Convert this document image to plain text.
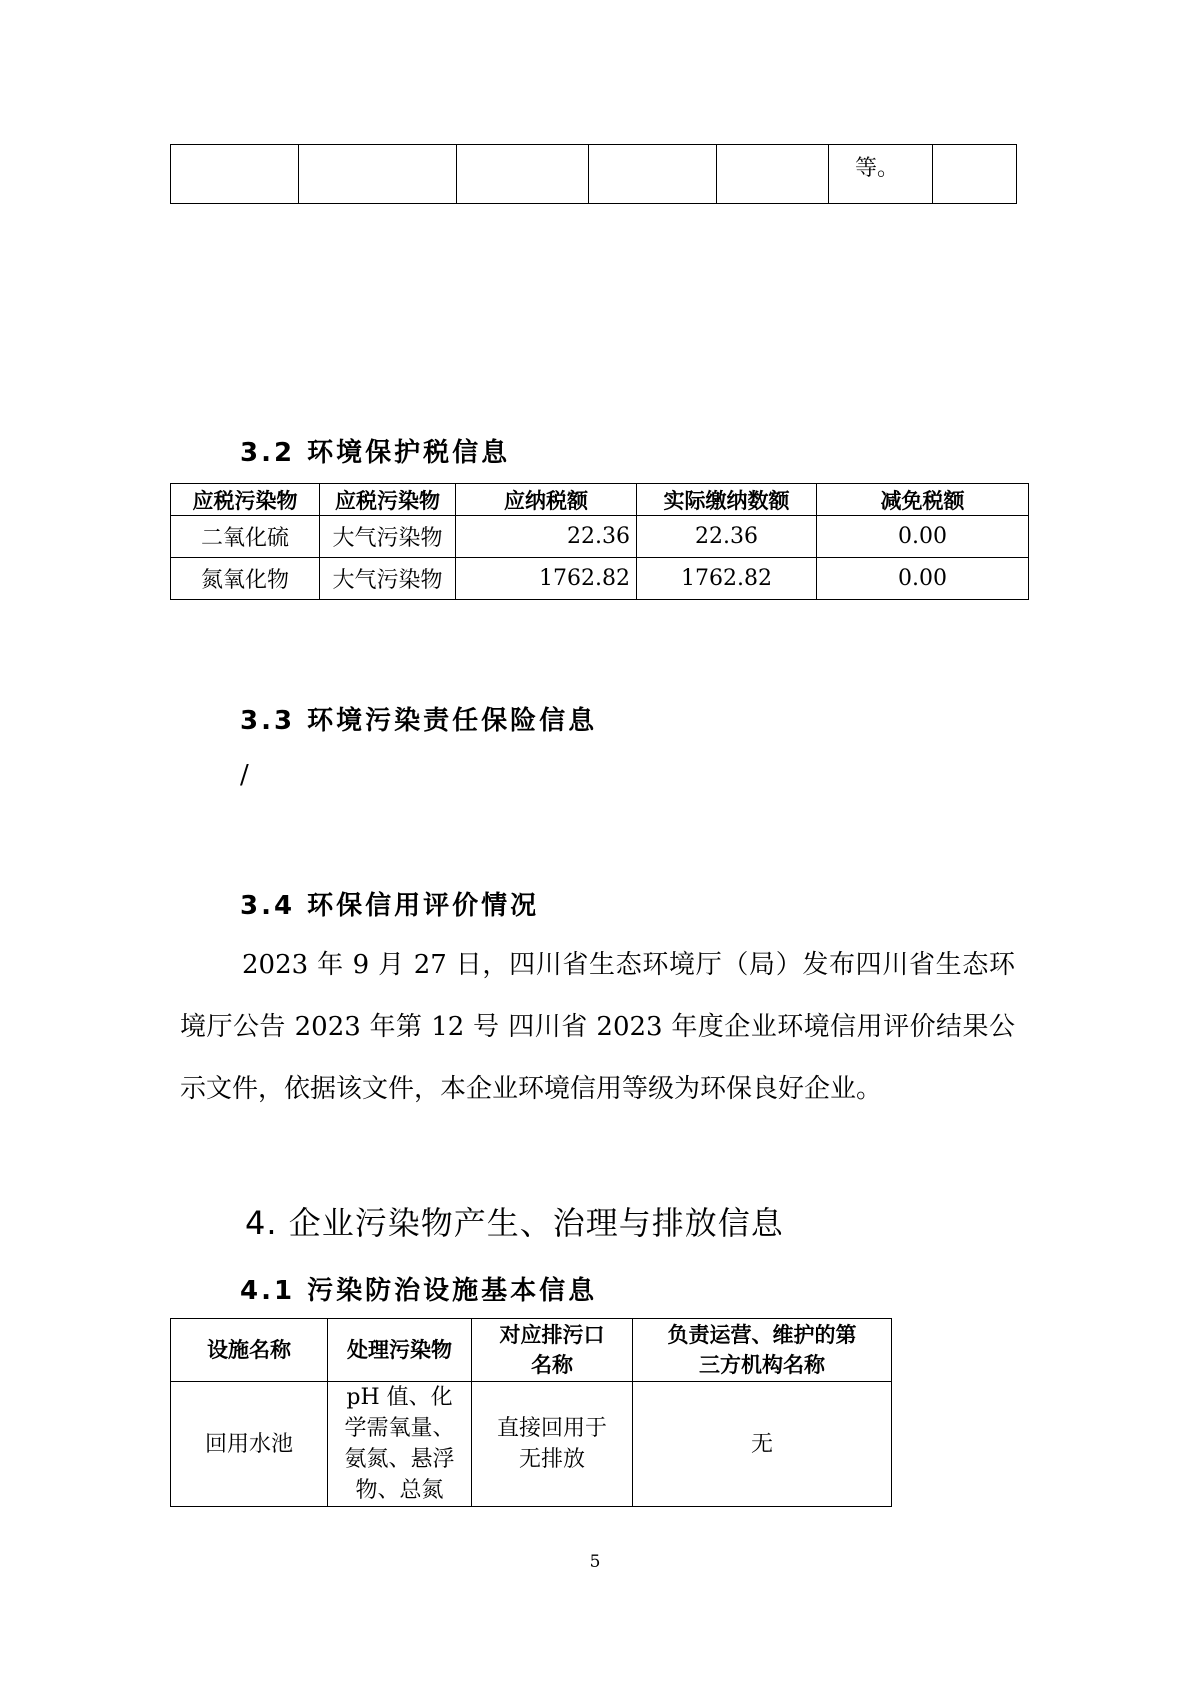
					等。	
3.2 环境保护税信息
应税污染物	应税污染物	应纳税额	实际缴纳数额	减免税额
二氧化硫	大气污染物	22.36	22.36	0.00
氮氧化物	大气污染物	1762.82	1762.82	0.00
3.3 环境污染责任保险信息

/

3.4 环保信用评价情况

2023 年 9 月 27 日，四川省生态环境厅（局）发布四川省生态环境厅公告 2023 年第 12 号 四川省 2023 年度企业环境信用评价结果公示文件，依据该文件，本企业环境信用等级为环保良好企业。

4. 企业污染物产生、治理与排放信息
4.1 污染防治设施基本信息
设施名称	处理污染物	对应排污口名称	负责运营、维护的第三方机构名称
回用水池	pH 值、化学需氧量、氨氮、悬浮物、总氮	直接回用于无排放	无

5
